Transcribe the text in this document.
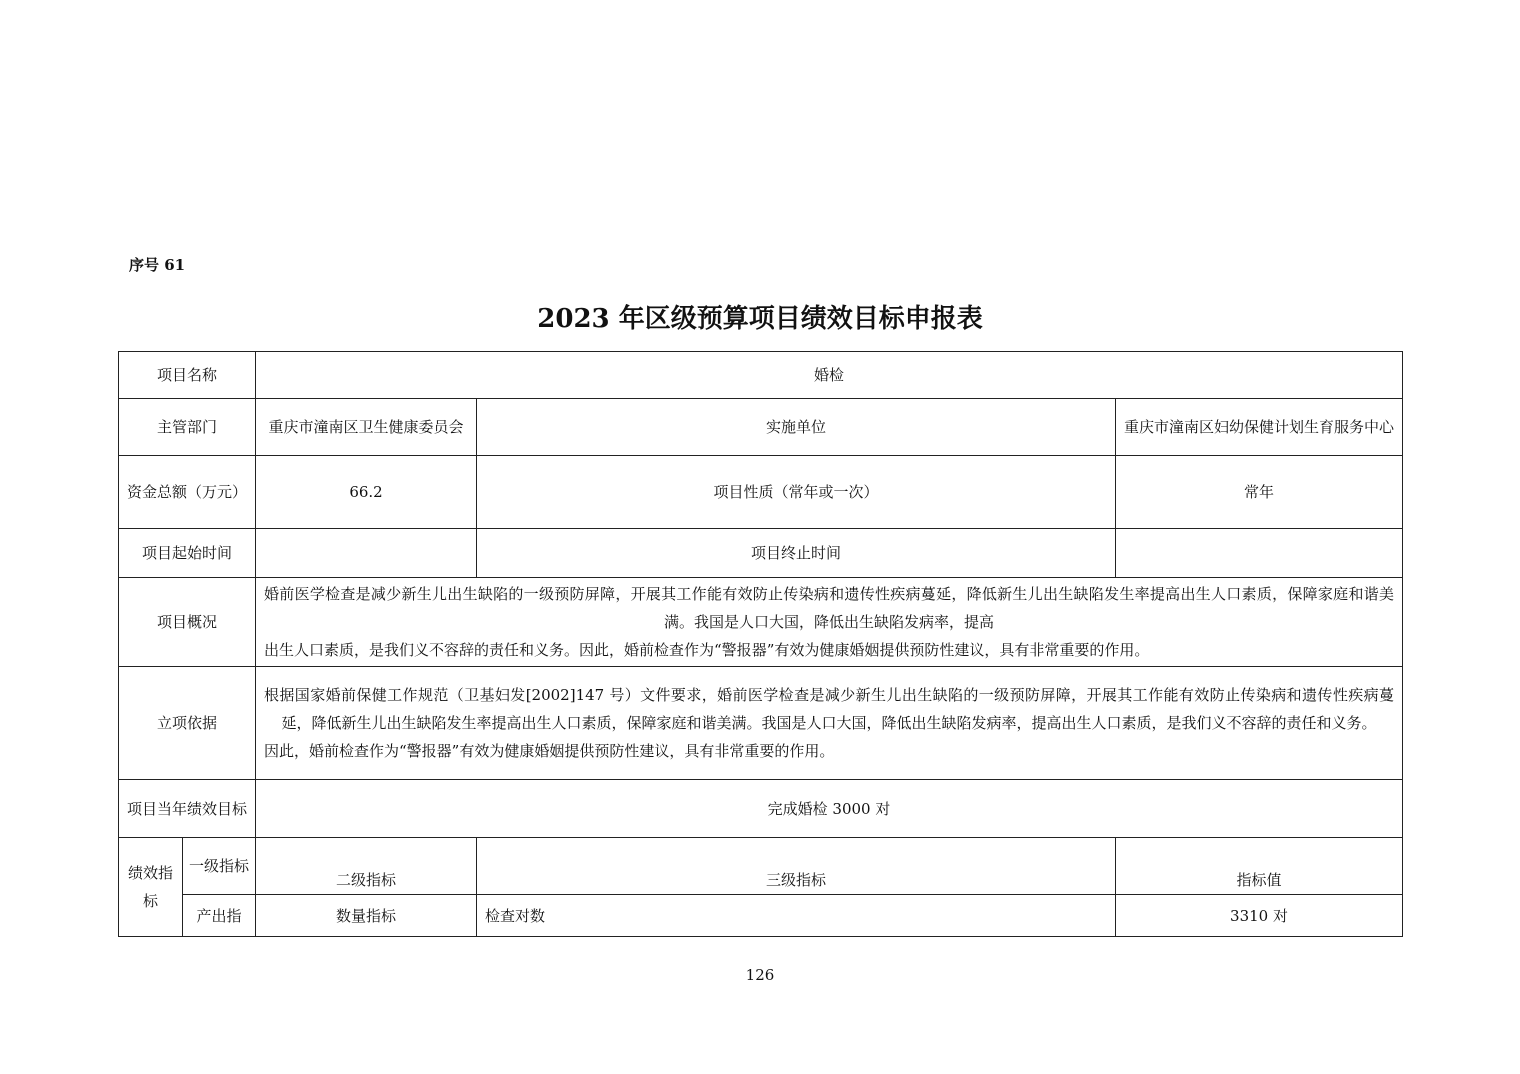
序号 61
2023 年区级预算项目绩效目标申报表
项目名称		婚检		
主管部门		重庆市潼南区卫生健康委员会	实施单位	重庆市潼南区妇幼保健计划生育服务中心
资金总额（万元）		66.2	项目性质（常年或一次）	常年
项目起始时间			项目终止时间	
项目概况		婚前医学检查是减少新生儿出生缺陷的一级预防屏障，开展其工作能有效防止传染病和遗传性疾病蔓延，降低新生儿出生缺陷发生率提高出生人口素质，保障家庭和谐美满。我国是人口大国，降低出生缺陷发病率，提高

出生人口素质，是我们义不容辞的责任和义务。因此，婚前检查作为“警报器”有效为健康婚姻提供预防性建议，具有非常重要的作用。		

立项依据		根据国家婚前保健工作规范（卫基妇发[2002]147 号）文件要求，婚前医学检查是减少新生儿出生缺陷的一级预防屏障，开展其工作能有效防止传染病和遗传性疾病蔓延，降低新生儿出生缺陷发生率提高出生人口素质，保障家庭和谐美满。我国是人口大国，降低出生缺陷发病率，提高出生人口素质，是我们义不容辞的责任和义务。

因此，婚前检查作为“警报器”有效为健康婚姻提供预防性建议，具有非常重要的作用。		

项目当年绩效目标		完成婚检 3000 对		
绩效指标	一级指标	二级指标	三级指标	指标值
	产出指	数量指标	检查对数	3310 对
126
